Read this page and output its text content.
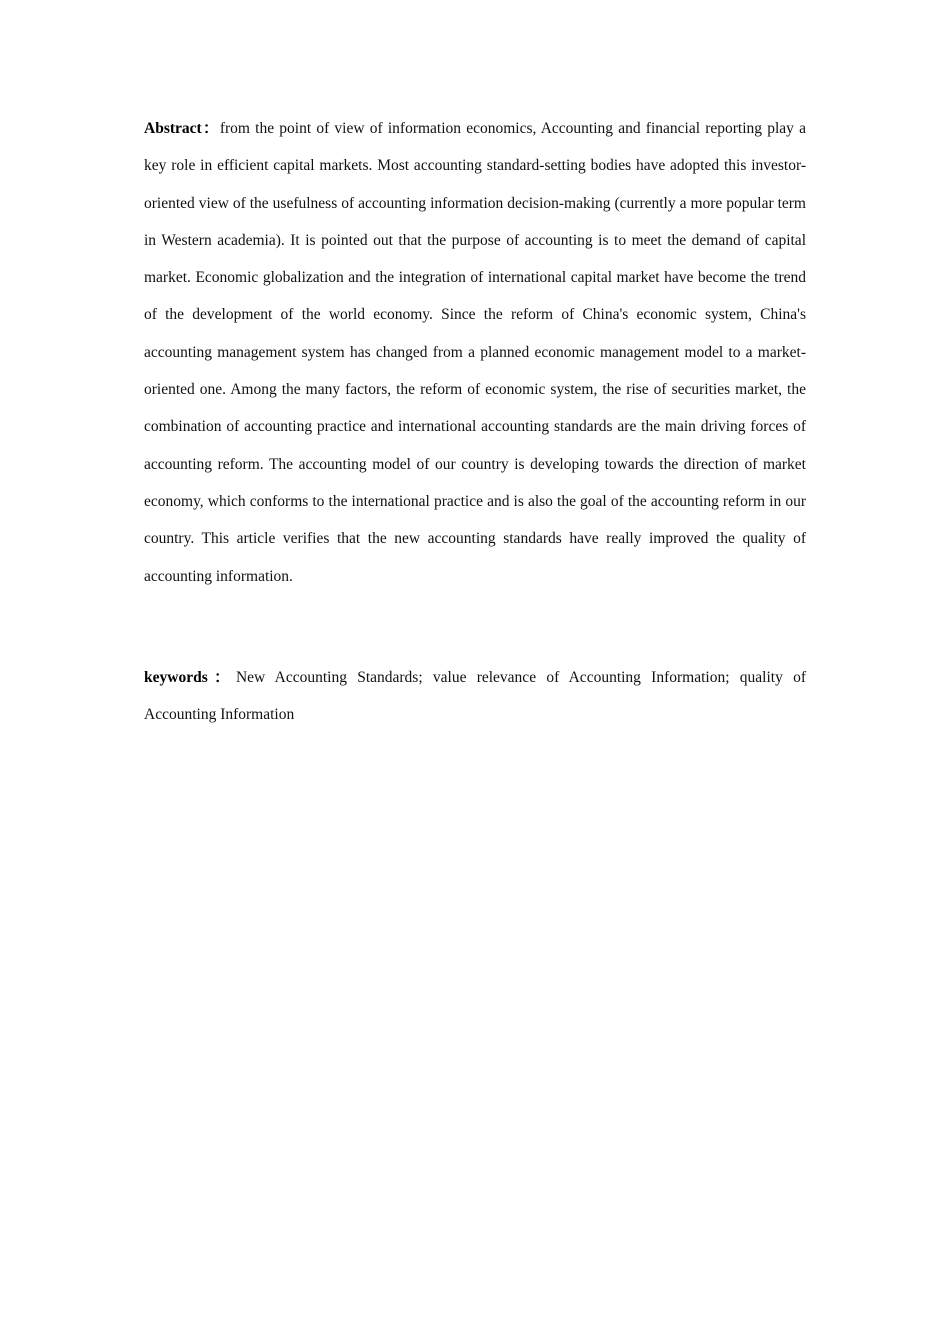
Abstract：from the point of view of information economics, Accounting and financial reporting play a key role in efficient capital markets. Most accounting standard-setting bodies have adopted this investor-oriented view of the usefulness of accounting information decision-making (currently a more popular term in Western academia). It is pointed out that the purpose of accounting is to meet the demand of capital market. Economic globalization and the integration of international capital market have become the trend of the development of the world economy. Since the reform of China's economic system, China's accounting management system has changed from a planned economic management model to a market-oriented one. Among the many factors, the reform of economic system, the rise of securities market, the combination of accounting practice and international accounting standards are the main driving forces of accounting reform. The accounting model of our country is developing towards the direction of market economy, which conforms to the international practice and is also the goal of the accounting reform in our country. This article verifies that the new accounting standards have really improved the quality of accounting information.

keywords：New Accounting Standards; value relevance of Accounting Information; quality of Accounting Information
